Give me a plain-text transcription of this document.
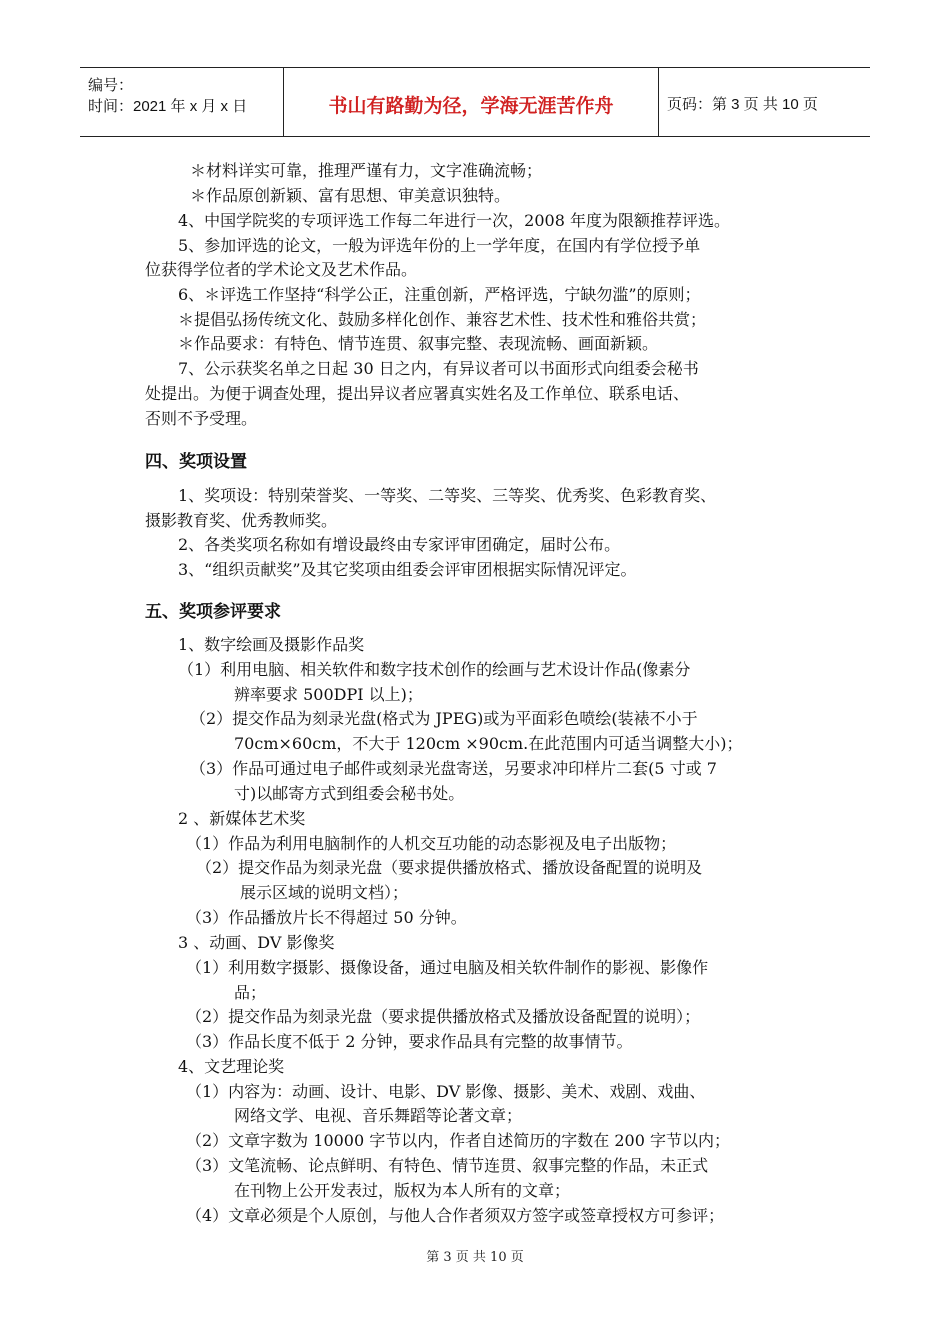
编号：
时间：2021 年 x 月 x 日	书山有路勤为径，学海无涯苦作舟	页码：第 3 页 共 10 页
＊材料详实可靠，推理严谨有力，文字准确流畅；
＊作品原创新颖、富有思想、审美意识独特。
4、中国学院奖的专项评选工作每二年进行一次，2008 年度为限额推荐评选。
5、参加评选的论文，一般为评选年份的上一学年度，在国内有学位授予单
位获得学位者的学术论文及艺术作品。
6、＊评选工作坚持“科学公正，注重创新，严格评选，宁缺勿滥”的原则；
＊提倡弘扬传统文化、鼓励多样化创作、兼容艺术性、技术性和雅俗共赏；
＊作品要求：有特色、情节连贯、叙事完整、表现流畅、画面新颖。
7、公示获奖名单之日起 30 日之内，有异议者可以书面形式向组委会秘书
处提出。为便于调查处理，提出异议者应署真实姓名及工作单位、联系电话、
否则不予受理。
四、奖项设置
1、奖项设：特别荣誉奖、一等奖、二等奖、三等奖、优秀奖、色彩教育奖、
摄影教育奖、优秀教师奖。
2、各类奖项名称如有增设最终由专家评审团确定，届时公布。
3、“组织贡献奖”及其它奖项由组委会评审团根据实际情况评定。
五、奖项参评要求
1、数字绘画及摄影作品奖
（1）利用电脑、相关软件和数字技术创作的绘画与艺术设计作品(像素分
辨率要求 500DPI 以上)；
（2）提交作品为刻录光盘(格式为 JPEG)或为平面彩色喷绘(装裱不小于
70cm×60cm，不大于 120cm ×90cm.在此范围内可适当调整大小)；
（3）作品可通过电子邮件或刻录光盘寄送，另要求冲印样片二套(5 寸或 7
寸)以邮寄方式到组委会秘书处。
2 、新媒体艺术奖
（1）作品为利用电脑制作的人机交互功能的动态影视及电子出版物；
（2）提交作品为刻录光盘（要求提供播放格式、播放设备配置的说明及
展示区域的说明文档）；
（3）作品播放片长不得超过 50 分钟。
3 、动画、DV 影像奖
（1）利用数字摄影、摄像设备，通过电脑及相关软件制作的影视、影像作
品；
（2）提交作品为刻录光盘（要求提供播放格式及播放设备配置的说明）；
（3）作品长度不低于 2 分钟，要求作品具有完整的故事情节。
4、文艺理论奖
（1）内容为：动画、设计、电影、DV 影像、摄影、美术、戏剧、戏曲、
网络文学、电视、音乐舞蹈等论著文章；
（2）文章字数为 10000 字节以内，作者自述简历的字数在 200 字节以内；
（3）文笔流畅、论点鲜明、有特色、情节连贯、叙事完整的作品，未正式
在刊物上公开发表过，版权为本人所有的文章；
（4）文章必须是个人原创，与他人合作者须双方签字或签章授权方可参评；
第 3 页 共 10 页
